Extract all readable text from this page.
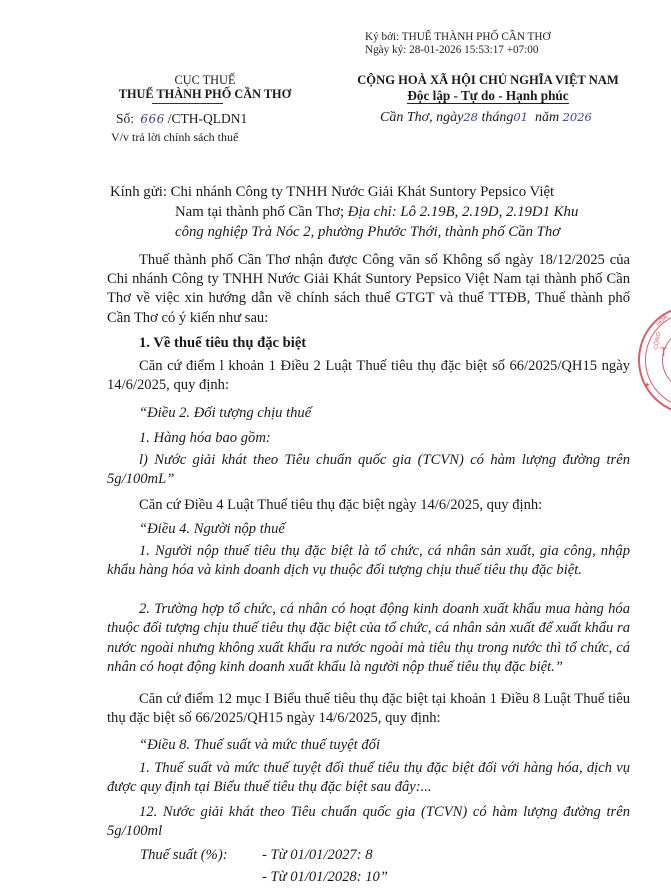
Ký bởi: THUẾ THÀNH PHỐ CẦN THƠ
Ngày ký: 28-01-2026 15:53:17 +07:00
CỤC THUẾ
THUẾ THÀNH PHỐ CẦN THƠ
Số: 666 /CTH-QLDN1
V/v trả lời chính sách thuế
CỘNG HOÀ XÃ HỘI CHỦ NGHĨA VIỆT NAM
Độc lập - Tự do - Hạnh phúc
Cần Thơ, ngày28 tháng01 năm 2026
Kính gửi: Chi nhánh Công ty TNHH Nước Giải Khát Suntory Pepsico Việt
Nam tại thành phố Cần Thơ; Địa chỉ: Lô 2.19B, 2.19D, 2.19D1 Khu
công nghiệp Trà Nóc 2, phường Phước Thới, thành phố Cần Thơ
Thuế thành phố Cần Thơ nhận được Công văn số Không số ngày 18/12/2025 của Chi nhánh Công ty TNHH Nước Giải Khát Suntory Pepsico Việt Nam tại thành phố Cần Thơ về việc xin hướng dẫn về chính sách thuế GTGT và thuế TTĐB, Thuế thành phố Cần Thơ có ý kiến như sau:
1. Về thuế tiêu thụ đặc biệt
Căn cứ điểm l khoản 1 Điều 2 Luật Thuế tiêu thụ đặc biệt số 66/2025/QH15 ngày 14/6/2025, quy định:
“Điều 2. Đối tượng chịu thuế
1. Hàng hóa bao gồm:
l) Nước giải khát theo Tiêu chuẩn quốc gia (TCVN) có hàm lượng đường trên 5g/100mL”
Căn cứ Điều 4 Luật Thuế tiêu thụ đặc biệt ngày 14/6/2025, quy định:
“Điều 4. Người nộp thuế
1. Người nộp thuế tiêu thụ đặc biệt là tổ chức, cá nhân sản xuất, gia công, nhập khẩu hàng hóa và kinh doanh dịch vụ thuộc đối tượng chịu thuế tiêu thụ đặc biệt.
2. Trường hợp tổ chức, cá nhân có hoạt động kinh doanh xuất khẩu mua hàng hóa thuộc đối tượng chịu thuế tiêu thụ đặc biệt của tổ chức, cá nhân sản xuất để xuất khẩu ra nước ngoài nhưng không xuất khẩu ra nước ngoài mà tiêu thụ trong nước thì tổ chức, cá nhân có hoạt động kinh doanh xuất khẩu là người nộp thuế tiêu thụ đặc biệt.”
Căn cứ điểm 12 mục I Biểu thuế tiêu thụ đặc biệt tại khoản 1 Điều 8 Luật Thuế tiêu thụ đặc biệt số 66/2025/QH15 ngày 14/6/2025, quy định:
“Điều 8. Thuế suất và mức thuế tuyệt đối
1. Thuế suất và mức thuế tuyệt đối thuế tiêu thụ đặc biệt đối với hàng hóa, dịch vụ được quy định tại Biểu thuế tiêu thụ đặc biệt sau đây:...
12. Nước giải khát theo Tiêu chuẩn quốc gia (TCVN) có hàm lượng đường trên 5g/100ml
Thuế suất (%): - Từ 01/01/2027: 8
- Từ 01/01/2028: 10”
CỘNG
HOÀ
T
★
